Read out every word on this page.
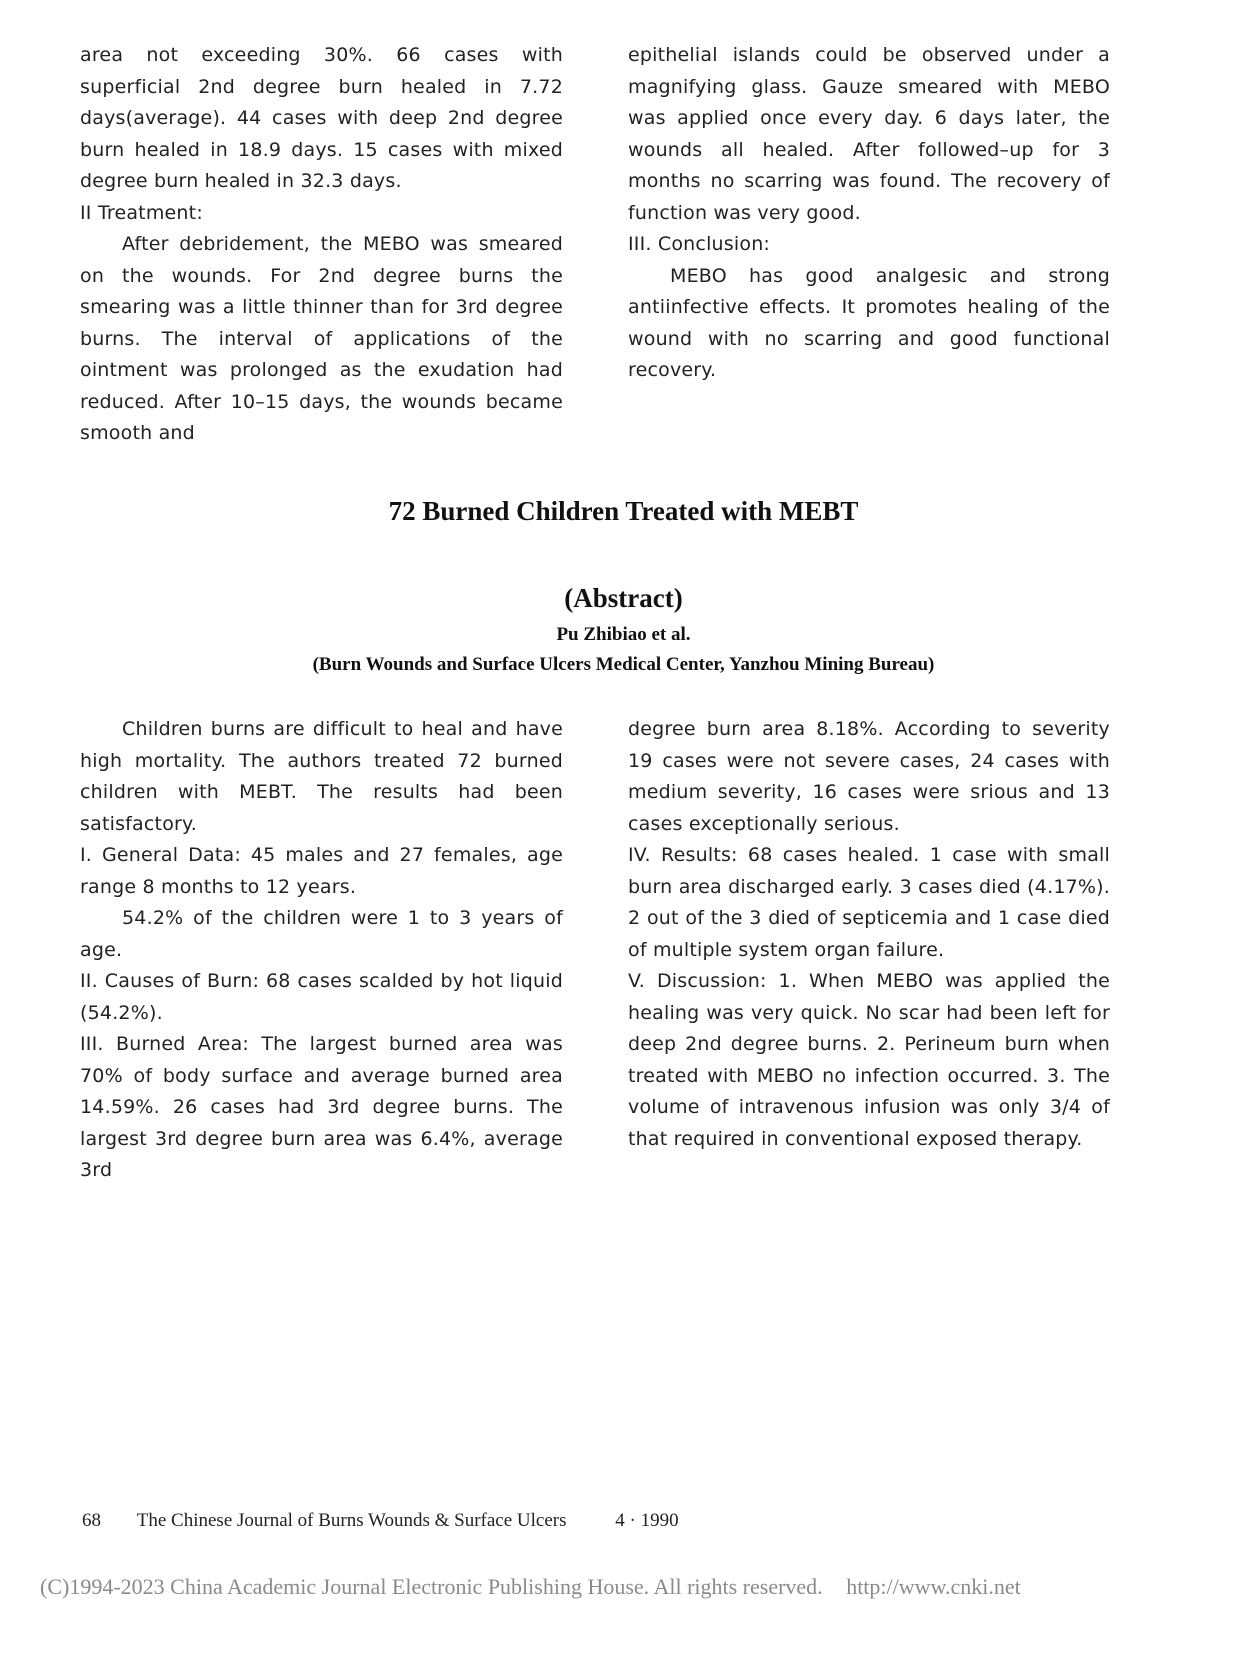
area not exceeding 30%. 66 cases with superficial 2nd degree burn healed in 7.72 days(average). 44 cases with deep 2nd degree burn healed in 18.9 days. 15 cases with mixed degree burn healed in 32.3 days.

II Treatment:

After debridement, the MEBO was smeared on the wounds. For 2nd degree burns the smearing was a little thinner than for 3rd degree burns. The interval of applications of the ointment was prolonged as the exudation had reduced. After 10–15 days, the wounds became smooth and

epithelial islands could be observed under a magnifying glass. Gauze smeared with MEBO was applied once every day. 6 days later, the wounds all healed. After followed–up for 3 months no scarring was found. The recovery of function was very good.

III. Conclusion:

MEBO has good analgesic and strong antiinfective effects. It promotes healing of the wound with no scarring and good functional recovery.

72 Burned Children Treated with MEBT
(Abstract)
Pu Zhibiao et al.
(Burn Wounds and Surface Ulcers Medical Center, Yanzhou Mining Bureau)

Children burns are difficult to heal and have high mortality. The authors treated 72 burned children with MEBT. The results had been satisfactory.

I. General Data: 45 males and 27 females, age range 8 months to 12 years.

54.2% of the children were 1 to 3 years of age.

II. Causes of Burn: 68 cases scalded by hot liquid (54.2%).

III. Burned Area: The largest burned area was 70% of body surface and average burned area 14.59%. 26 cases had 3rd degree burns. The largest 3rd degree burn area was 6.4%, average 3rd

degree burn area 8.18%. According to severity 19 cases were not severe cases, 24 cases with medium severity, 16 cases were srious and 13 cases exceptionally serious.

IV. Results: 68 cases healed. 1 case with small burn area discharged early. 3 cases died (4.17%). 2 out of the 3 died of septicemia and 1 case died of multiple system organ failure.

V. Discussion: 1. When MEBO was applied the healing was very quick. No scar had been left for deep 2nd degree burns. 2. Perineum burn when treated with MEBO no infection occurred. 3. The volume of intravenous infusion was only 3/4 of that required in conventional exposed therapy.

68 The Chinese Journal of Burns Wounds & Surface Ulcers	4 · 1990
(C)1994-2023 China Academic Journal Electronic Publishing House. All rights reserved. http://www.cnki.net
